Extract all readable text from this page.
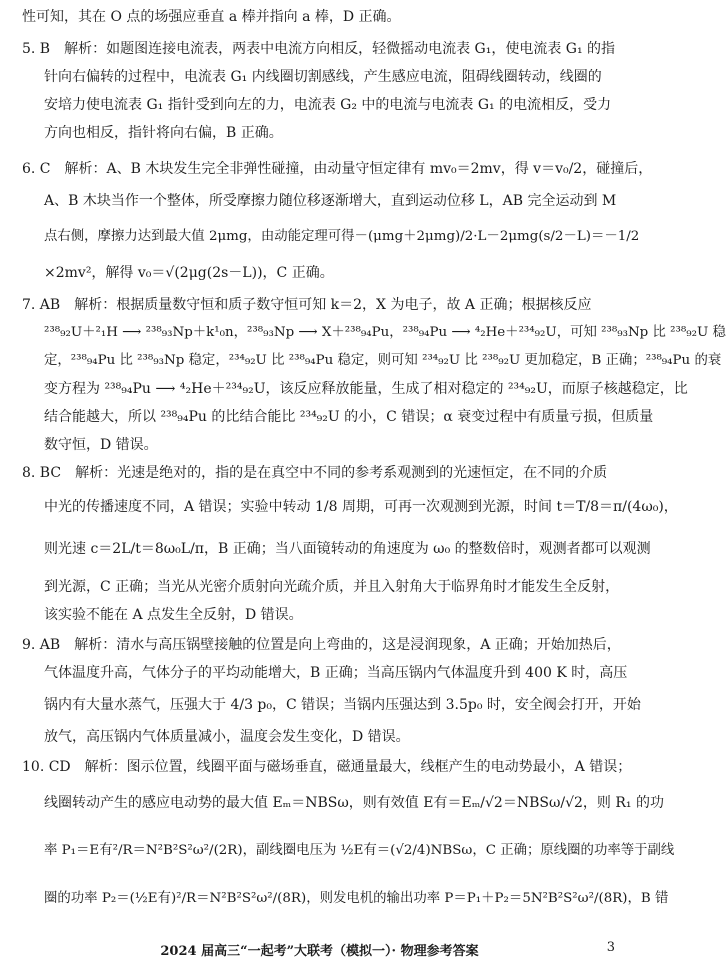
性可知，其在 O 点的场强应垂直 a 棒并指向 a 棒，D 正确。
5. B　解析：如题图连接电流表，两表中电流方向相反，轻微摇动电流表 G₁，使电流表 G₁ 的指
针向右偏转的过程中，电流表 G₁ 内线圈切割感线，产生感应电流，阻碍线圈转动，线圈的
安培力使电流表 G₁ 指针受到向左的力，电流表 G₂ 中的电流与电流表 G₁ 的电流相反，受力
方向也相反，指针将向右偏，B 正确。
6. C　解析：A、B 木块发生完全非弹性碰撞，由动量守恒定律有 mv₀＝2mv，得 v＝v₀/2，碰撞后，
A、B 木块当作一个整体，所受摩擦力随位移逐渐增大，直到运动位移 L，AB 完全运动到 M
点右侧，摩擦力达到最大值 2μmg，由动能定理可得－(μmg＋2μmg)/2·L－2μmg(s/2－L)＝－1/2
×2mv²，解得 v₀＝√(2μg(2s－L))，C 正确。
7. AB　解析：根据质量数守恒和质子数守恒可知 k＝2，X 为电子，故 A 正确；根据核反应
²³⁸₉₂U＋²₁H ⟶ ²³⁸₉₃Np＋k¹₀n，²³⁸₉₃Np ⟶ X＋²³⁸₉₄Pu，²³⁸₉₄Pu ⟶ ⁴₂He＋²³⁴₉₂U，可知 ²³⁸₉₃Np 比 ²³⁸₉₂U 稳
定，²³⁸₉₄Pu 比 ²³⁸₉₃Np 稳定，²³⁴₉₂U 比 ²³⁸₉₄Pu 稳定，则可知 ²³⁴₉₂U 比 ²³⁸₉₂U 更加稳定，B 正确；²³⁸₉₄Pu 的衰
变方程为 ²³⁸₉₄Pu ⟶ ⁴₂He＋²³⁴₉₂U，该反应释放能量，生成了相对稳定的 ²³⁴₉₂U，而原子核越稳定，比
结合能越大，所以 ²³⁸₉₄Pu 的比结合能比 ²³⁴₉₂U 的小，C 错误；α 衰变过程中有质量亏损，但质量
数守恒，D 错误。
8. BC　解析：光速是绝对的，指的是在真空中不同的参考系观测到的光速恒定，在不同的介质
中光的传播速度不同，A 错误；实验中转动 1/8 周期，可再一次观测到光源，时间 t＝T/8＝π/(4ω₀)，
则光速 c＝2L/t＝8ω₀L/π，B 正确；当八面镜转动的角速度为 ω₀ 的整数倍时，观测者都可以观测
到光源，C 正确；当光从光密介质射向光疏介质，并且入射角大于临界角时才能发生全反射，
该实验不能在 A 点发生全反射，D 错误。
9. AB　解析：清水与高压锅壁接触的位置是向上弯曲的，这是浸润现象，A 正确；开始加热后，
气体温度升高，气体分子的平均动能增大，B 正确；当高压锅内气体温度升到 400 K 时，高压
锅内有大量水蒸气，压强大于 4/3 p₀，C 错误；当锅内压强达到 3.5p₀ 时，安全阀会打开，开始
放气，高压锅内气体质量减小，温度会发生变化，D 错误。
10. CD　解析：图示位置，线圈平面与磁场垂直，磁通量最大，线框产生的电动势最小，A 错误；
线圈转动产生的感应电动势的最大值 Eₘ＝NBSω，则有效值 E有＝Eₘ/√2＝NBSω/√2，则 R₁ 的功
率 P₁＝E有²/R＝N²B²S²ω²/(2R)，副线圈电压为 ½E有＝(√2/4)NBSω，C 正确；原线圈的功率等于副线
圈的功率 P₂＝(½E有)²/R＝N²B²S²ω²/(8R)，则发电机的输出功率 P＝P₁＋P₂＝5N²B²S²ω²/(8R)，B 错
2024 届高三“一起考”大联考（模拟一）· 物理参考答案	3
